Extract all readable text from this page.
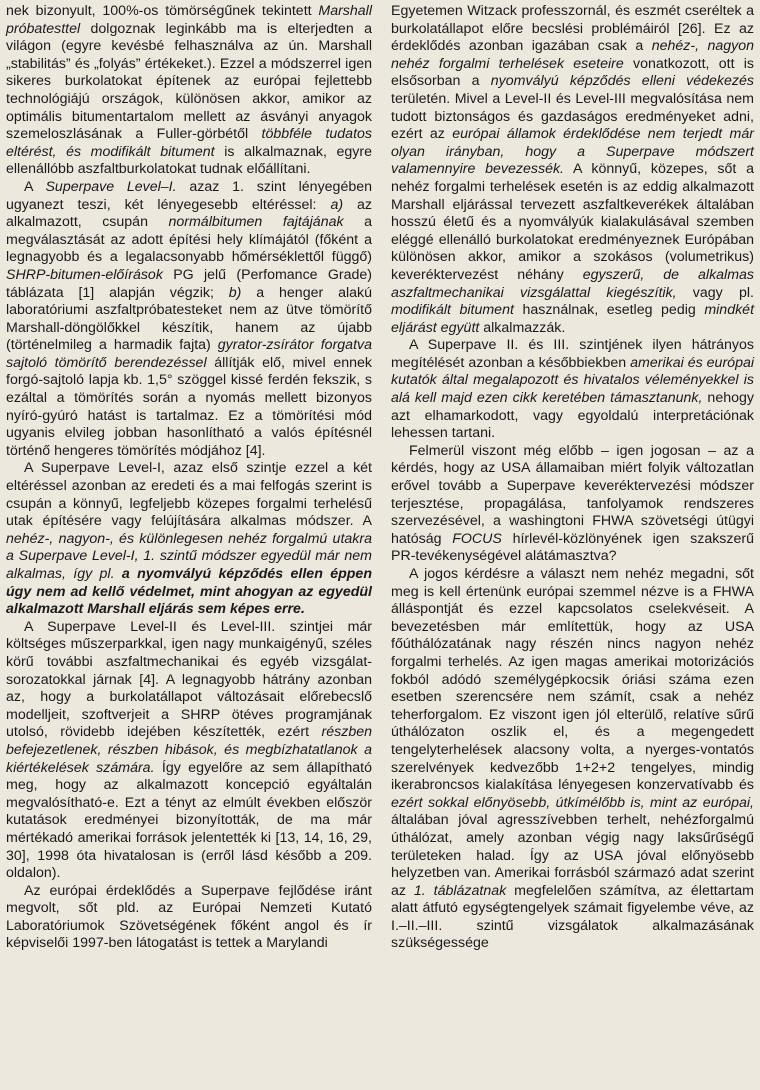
nek bizonyult, 100%-os tömörségűnek tekintett Marshall próbatesttel dolgoznak leginkább ma is elterjedten a világon (egyre kevésbé felhasználva az ún. Marshall „stabilitás” és „folyás” értékeket.). Ezzel a módszerrel igen sikeres burkolatokat építenek az európai fejlettebb technológiájú országok, különösen akkor, amikor az optimális bitumentartalom mellett az ásványi anyagok szemeloszlásának a Fuller-görbétől többféle tudatos eltérést, és modifikált bitument is alkalmaznak, egyre ellenállóbb aszfaltburkolatokat tudnak előállítani.

A Superpave Level–I. azaz 1. szint lényegében ugyanezt teszi, két lényegesebb eltéréssel: a) az alkalmazott, csupán normálbitumen fajtájának a megválasztását az adott építési hely klímájától (főként a legnagyobb és a legalacsonyabb hőmérséklettől függő) SHRP-bitumen-előírások PG jelű (Perfomance Grade) táblázata [1] alapján végzik; b) a henger alakú laboratóriumi aszfaltpróbatesteket nem az ütve tömörítő Marshall-döngölőkkel készítik, hanem az újabb (történelmileg a harmadik fajta) gyrator-zsírátor forgatva sajtoló tömörítő berendezéssel állítják elő, mivel ennek forgó-sajtoló lapja kb. 1,5° szöggel kissé ferdén fekszik, s ezáltal a tömörítés során a nyomás mellett bizonyos nyíró-gyúró hatást is tartalmaz. Ez a tömörítési mód ugyanis elvileg jobban hasonlítható a valós építésnél történő hengeres tömörítés módjához [4].

A Superpave Level-I, azaz első szintje ezzel a két eltéréssel azonban az eredeti és a mai felfogás szerint is csupán a könnyű, legfeljebb közepes forgalmi terhelésű utak építésére vagy felújítására alkalmas módszer. A nehéz-, nagyon-, és különlegesen nehéz forgalmú utakra a Superpave Level-I, 1. szintű módszer egyedül már nem alkalmas, így pl. a nyomvályú képződés ellen éppen úgy nem ad kellő védelmet, mint ahogyan az egyedül alkalmazott Marshall eljárás sem képes erre.

A Superpave Level-II és Level-III. szintjei már költséges műszerparkkal, igen nagy munkaigényű, széles körű további aszfaltmechanikai és egyéb vizsgálat-sorozatokkal járnak [4]. A legnagyobb hátrány azonban az, hogy a burkolatállapot változásait előrebecslő modelljeit, szoftverjeit a SHRP ötéves programjának utolsó, rövidebb idejében készítették, ezért részben befejezetlenek, részben hibások, és megbízhatatlanok a kiértékelések számára. Így egyelőre az sem állapítható meg, hogy az alkalmazott koncepció egyáltalán megvalósítható-e. Ezt a tényt az elmúlt években először kutatások eredményei bizonyították, de ma már mértékadó amerikai források jelentették ki [13, 14, 16, 29, 30], 1998 óta hivatalosan is (erről lásd később a 209. oldalon).

Az európai érdeklődés a Superpave fejlődése iránt megvolt, sőt pld. az Európai Nemzeti Kutató Laboratóriumok Szövetségének főként angol és ír képviselői 1997-ben látogatást is tettek a Marylandi

Egyetemen Witzack professzornál, és eszmét cseréltek a burkolatállapot előre becslési problémáiról [26]. Ez az érdeklődés azonban igazában csak a nehéz-, nagyon nehéz forgalmi terhelések eseteire vonatkozott, ott is elsősorban a nyomvályú képződés elleni védekezés területén. Mivel a Level-II és Level-III megvalósítása nem tudott biztonságos és gazdaságos eredményeket adni, ezért az európai államok érdeklődése nem terjedt már olyan irányban, hogy a Superpave módszert valamennyire bevezessék. A könnyű, közepes, sőt a nehéz forgalmi terhelések esetén is az eddig alkalmazott Marshall eljárással tervezett aszfaltkeverékek általában hosszú életű és a nyomvályúk kialakulásával szemben eléggé ellenálló burkolatokat eredményeznek Európában különösen akkor, amikor a szokásos (volumetrikus) keveréktervezést néhány egyszerű, de alkalmas aszfaltmechanikai vizsgálattal kiegészítik, vagy pl. modifikált bitument használnak, esetleg pedig mindkét eljárást együtt alkalmazzák.

A Superpave II. és III. szintjének ilyen hátrányos megítélését azonban a későbbiekben amerikai és európai kutatók által megalapozott és hivatalos véleményekkel is alá kell majd ezen cikk keretében támasztanunk, nehogy azt elhamarkodott, vagy egyoldalú interpretációnak lehessen tartani.

Felmerül viszont még előbb – igen jogosan – az a kérdés, hogy az USA államaiban miért folyik változatlan erővel tovább a Superpave keveréktervezési módszer terjesztése, propagálása, tanfolyamok rendszeres szervezésével, a washingtoni FHWA szövetségi útügyi hatóság FOCUS hírlevél-közlönyének igen szakszerű PR-tevékenységével alátámasztva?

A jogos kérdésre a választ nem nehéz megadni, sőt meg is kell értenünk európai szemmel nézve is a FHWA álláspontját és ezzel kapcsolatos cselekvéseit. A bevezetésben már említettük, hogy az USA főúthálózatának nagy részén nincs nagyon nehéz forgalmi terhelés. Az igen magas amerikai motorizációs fokból adódó személygépkocsik óriási száma ezen esetben szerencsére nem számít, csak a nehéz teherforgalom. Ez viszont igen jól elterülő, relatíve sűrű úthálózaton oszlik el, és a megengedett tengelyterhelések alacsony volta, a nyerges-vontatós szerelvények kedvezőbb 1+2+2 tengelyes, mindig ikerabroncsos kialakítása lényegesen konzervatívabb és ezért sokkal előnyösebb, útkímélőbb is, mint az európai, általában jóval agresszívebben terhelt, nehézforgalmú úthálózat, amely azonban végig nagy laksűrűségű területeken halad. Így az USA jóval előnyösebb helyzetben van. Amerikai forrásból származó adat szerint az 1. táblázatnak megfelelően számítva, az élettartam alatt átfutó egységtengelyek számait figyelembe véve, az I.–II.–III. szintű vizsgálatok alkalmazásának szükségessége
